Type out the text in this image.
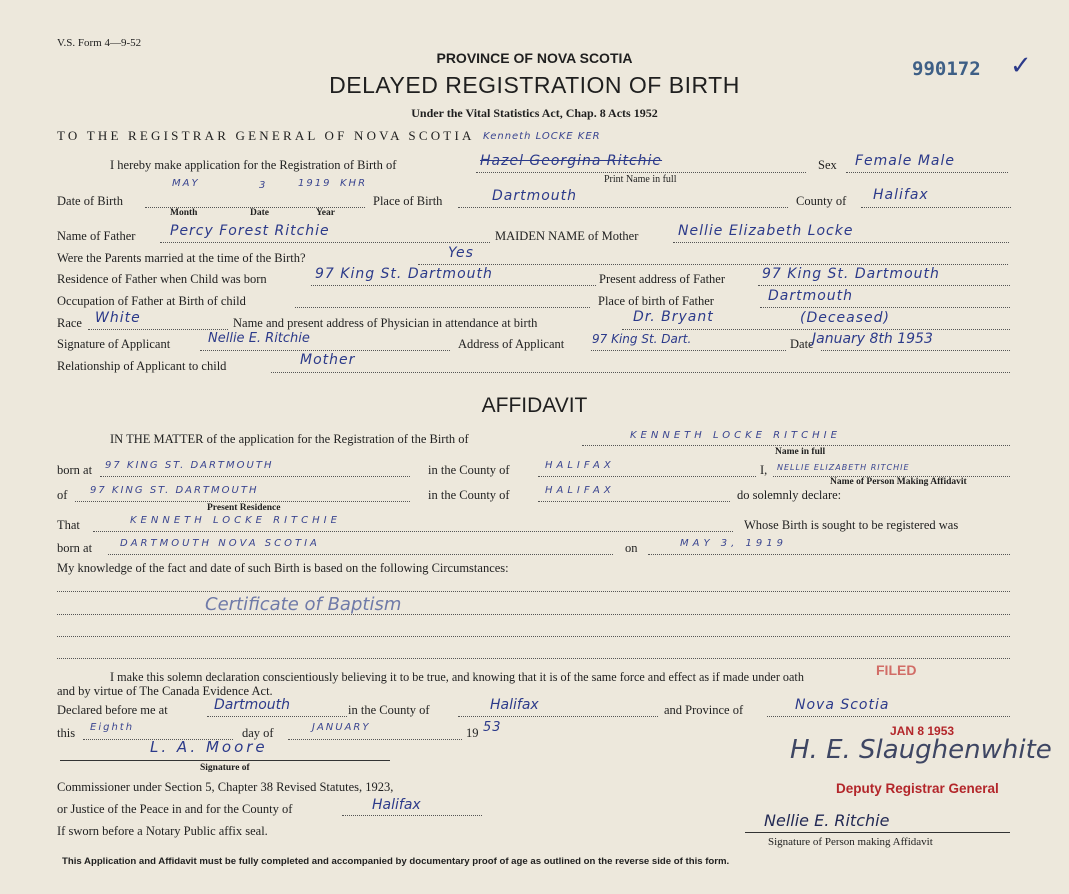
V.S. Form 4—9-52
PROVINCE OF NOVA SCOTIA
DELAYED REGISTRATION OF BIRTH
Under the Vital Statistics Act, Chap. 8 Acts 1952
990172 ✓
TO THE REGISTRAR GENERAL OF NOVA SCOTIA Kenneth LOCKE KER
I hereby make application for the Registration of Birth of	Hazel Georgina Ritchie
Print Name in full
Sex Female Male
Date of Birth
MAY	3	1919 KHR
Month	Date	Year
Place of Birth	Dartmouth	County of Halifax
Name of Father Percy Forest Ritchie	MAIDEN NAME of Mother	Nellie Elizabeth Locke
Were the Parents married at the time of the Birth?	Yes
Residence of Father when Child was born	97 King St. Dartmouth	Present address of Father	97 King St. Dartmouth
Occupation of Father at Birth of child	Place of birth of Father	Dartmouth
Race White	Name and present address of Physician in attendance at birth	Dr. Bryant	(Deceased)
Signature of Applicant	Nellie E. Ritchie	Address of Applicant 97 King St. Dart.	Date
January 8th 1953
Relationship of Applicant to child	Mother
AFFIDAVIT
IN THE MATTER of the application for the Registration of the Birth of	KENNETH LOCKE RITCHIE
Name in full
born at 97 KING ST. DARTMOUTH	in the County of	HALIFAX	I, NELLIE ELIZABETH RITCHIE
Name of Person Making Affidavit
of 97 KING ST. DARTMOUTH
Present Residence
in the County of	HALIFAX	do solemnly declare:
That	KENNETH LOCKE RITCHIE	Whose Birth is sought to be registered was
born at	DARTMOUTH NOVA SCOTIA	on	MAY 3, 1919
My knowledge of the fact and date of such Birth is based on the following Circumstances:
Certificate of Baptism
I make this solemn declaration conscientiously believing it to be true, and knowing that it is of the same force and effect as if made under oath
and by virtue of The Canada Evidence Act.
Declared before me at	Dartmouth	in the County of	Halifax	and Province of	Nova Scotia
this Eighth	day of	JANUARY	19 53
L. A. Moore
Signature of
Commissioner under Section 5, Chapter 38 Revised Statutes, 1923,
or Justice of the Peace in and for the County of	Halifax
If sworn before a Notary Public affix seal.
FILED
JAN 8 1953
H. E. Slaughenwhite
Deputy Registrar General
Nellie E. Ritchie
Signature of Person making Affidavit
This Application and Affidavit must be fully completed and accompanied by documentary proof of age as outlined on the reverse side of this form.
